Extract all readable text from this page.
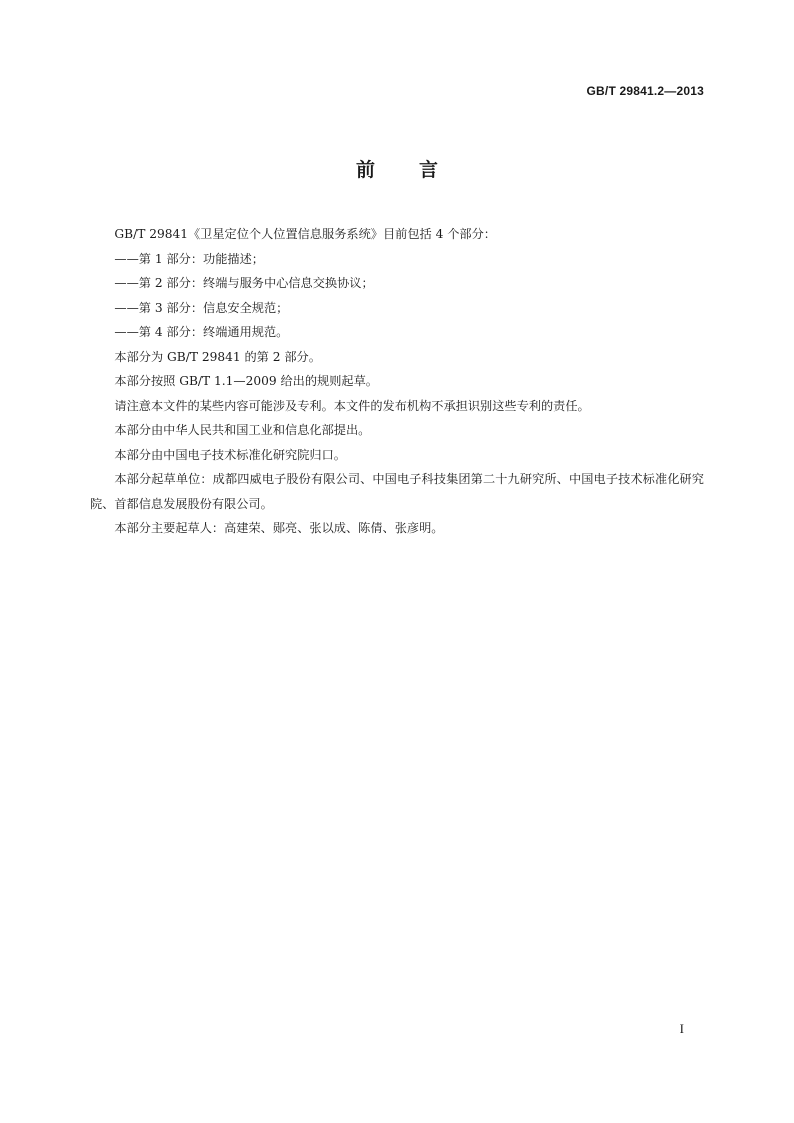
GB/T 29841.2—2013
前言

GB/T 29841《卫星定位个人位置信息服务系统》目前包括 4 个部分：

——第 1 部分：功能描述；

——第 2 部分：终端与服务中心信息交换协议；

——第 3 部分：信息安全规范；

——第 4 部分：终端通用规范。

本部分为 GB/T 29841 的第 2 部分。

本部分按照 GB/T 1.1—2009 给出的规则起草。

请注意本文件的某些内容可能涉及专利。本文件的发布机构不承担识别这些专利的责任。

本部分由中华人民共和国工业和信息化部提出。

本部分由中国电子技术标准化研究院归口。

本部分起草单位：成都四威电子股份有限公司、中国电子科技集团第二十九研究所、中国电子技术标准化研究院、首都信息发展股份有限公司。

本部分主要起草人：高建荣、郧亮、张以成、陈倩、张彦明。

I
